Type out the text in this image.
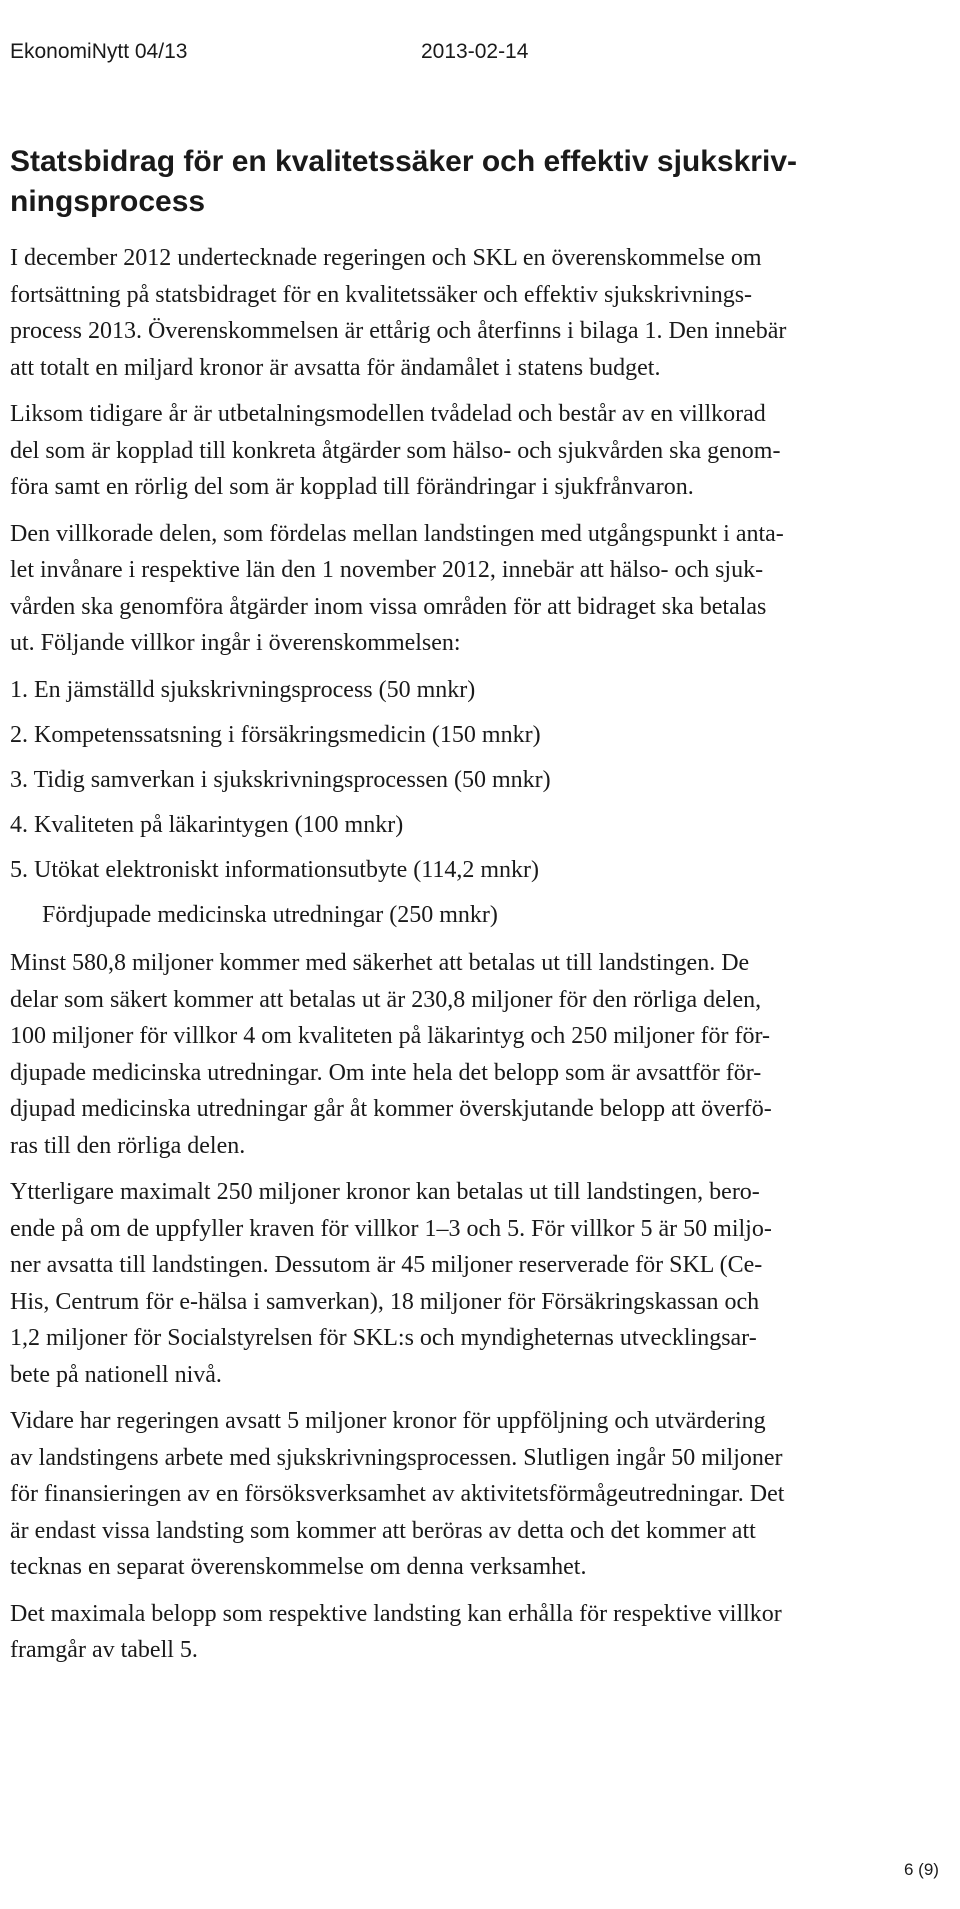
EkonomiNytt 04/13	2013-02-14
Statsbidrag för en kvalitetssäker och effektiv sjukskriv-
ningsprocess

I december 2012 undertecknade regeringen och SKL en överenskommelse om
fortsättning på statsbidraget för en kvalitetssäker och effektiv sjukskrivnings-
process 2013. Överenskommelsen är ettårig och återfinns i bilaga 1. Den innebär
att totalt en miljard kronor är avsatta för ändamålet i statens budget.

Liksom tidigare år är utbetalningsmodellen tvådelad och består av en villkorad
del som är kopplad till konkreta åtgärder som hälso- och sjukvården ska genom-
föra samt en rörlig del som är kopplad till förändringar i sjukfrånvaron.

Den villkorade delen, som fördelas mellan landstingen med utgångspunkt i anta-
let invånare i respektive län den 1 november 2012, innebär att hälso- och sjuk-
vården ska genomföra åtgärder inom vissa områden för att bidraget ska betalas
ut. Följande villkor ingår i överenskommelsen:

1. En jämställd sjukskrivningsprocess (50 mnkr)
2. Kompetenssatsning i försäkringsmedicin (150 mnkr)
3. Tidig samverkan i sjukskrivningsprocessen (50 mnkr)
4. Kvaliteten på läkarintygen (100 mnkr)
5. Utökat elektroniskt informationsutbyte (114,2 mnkr)
Fördjupade medicinska utredningar (250 mnkr)

Minst 580,8 miljoner kommer med säkerhet att betalas ut till landstingen. De
delar som säkert kommer att betalas ut är 230,8 miljoner för den rörliga delen,
100 miljoner för villkor 4 om kvaliteten på läkarintyg och 250 miljoner för för-
djupade medicinska utredningar. Om inte hela det belopp som är avsattför för-
djupad medicinska utredningar går åt kommer överskjutande belopp att överfö-
ras till den rörliga delen.

Ytterligare maximalt 250 miljoner kronor kan betalas ut till landstingen, bero-
ende på om de uppfyller kraven för villkor 1–3 och 5. För villkor 5 är 50 miljo-
ner avsatta till landstingen. Dessutom är 45 miljoner reserverade för SKL (Ce-
His, Centrum för e-hälsa i samverkan), 18 miljoner för Försäkringskassan och
1,2 miljoner för Socialstyrelsen för SKL:s och myndigheternas utvecklingsar-
bete på nationell nivå.

Vidare har regeringen avsatt 5 miljoner kronor för uppföljning och utvärdering
av landstingens arbete med sjukskrivningsprocessen. Slutligen ingår 50 miljoner
för finansieringen av en försöksverksamhet av aktivitetsförmågeutredningar. Det
är endast vissa landsting som kommer att beröras av detta och det kommer att
tecknas en separat överenskommelse om denna verksamhet.

Det maximala belopp som respektive landsting kan erhålla för respektive villkor
framgår av tabell 5.

6 (9)
